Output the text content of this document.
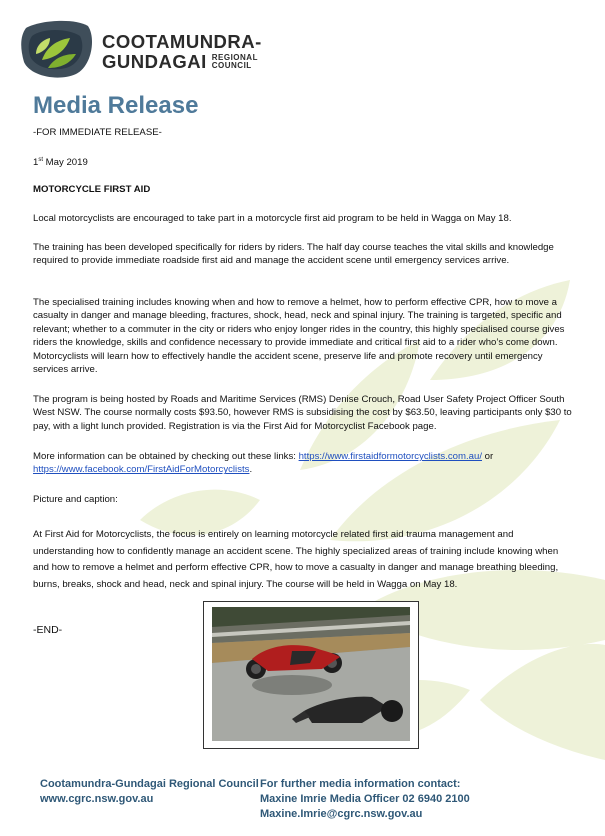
COOTAMUNDRA-
GUNDAGAI REGIONAL
COUNCIL
Media Release
-FOR IMMEDIATE RELEASE-
1st May 2019
MOTORCYCLE FIRST AID
Local motorcyclists are encouraged to take part in a motorcycle first aid program to be held in Wagga on May 18.
The training has been developed specifically for riders by riders. The half day course teaches the vital skills and knowledge required to provide immediate roadside first aid and manage the accident scene until emergency services arrive.
The specialised training includes knowing when and how to remove a helmet, how to perform effective CPR, how to move a casualty in danger and manage bleeding, fractures, shock, head, neck and spinal injury. The training is targeted, specific and relevant; whether to a commuter in the city or riders who enjoy longer rides in the country, this highly specialised course gives riders the knowledge, skills and confidence necessary to provide immediate and critical first aid to a rider who’s come down. Motorcyclists will learn how to effectively handle the accident scene, preserve life and promote recovery until emergency services arrive.
The program is being hosted by Roads and Maritime Services (RMS) Denise Crouch, Road User Safety Project Officer South West NSW. The course normally costs $93.50, however RMS is subsidising the cost by $63.50, leaving participants only $30 to pay, with a light lunch provided. Registration is via the First Aid for Motorcyclist Facebook page.
More information can be obtained by checking out these links: https://www.firstaidformotorcyclists.com.au/ or https://www.facebook.com/FirstAidForMotorcyclists.
Picture and caption:
At First Aid for Motorcyclists, the focus is entirely on learning motorcycle related first aid trauma management and understanding how to confidently manage an accident scene. The highly specialized areas of training include knowing when and how to remove a helmet and perform effective CPR, how to move a casualty in danger and manage breathing bleeding, burns, breaks, shock and head, neck and spinal injury. The course will be held in Wagga on May 18.
-END-
Cootamundra-Gundagai Regional Council
www.cgrc.nsw.gov.au
For further media information contact:
Maxine Imrie Media Officer 02 6940 2100
Maxine.Imrie@cgrc.nsw.gov.au
